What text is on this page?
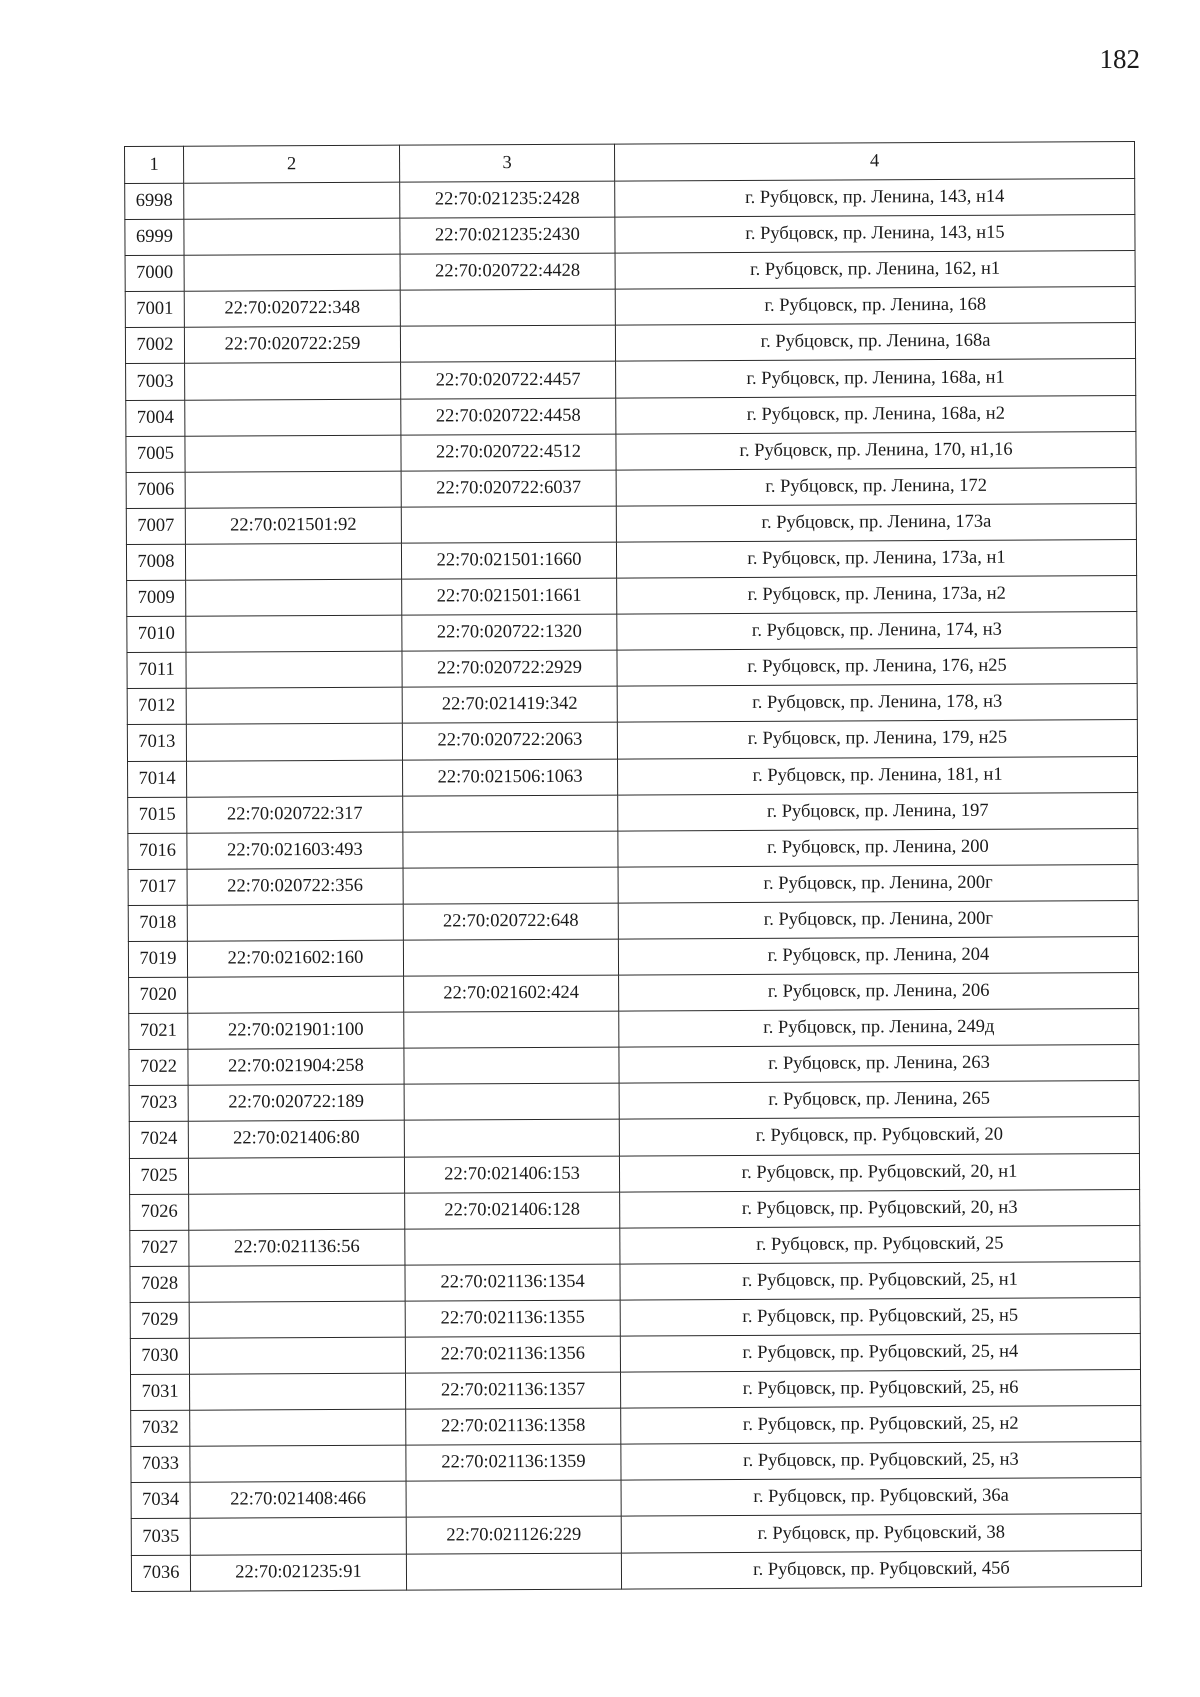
182
1	2	3	4
6998		22:70:021235:2428	г. Рубцовск, пр. Ленина, 143, н14
6999		22:70:021235:2430	г. Рубцовск, пр. Ленина, 143, н15
7000		22:70:020722:4428	г. Рубцовск, пр. Ленина, 162, н1
7001	22:70:020722:348		г. Рубцовск, пр. Ленина, 168
7002	22:70:020722:259		г. Рубцовск, пр. Ленина, 168а
7003		22:70:020722:4457	г. Рубцовск, пр. Ленина, 168а, н1
7004		22:70:020722:4458	г. Рубцовск, пр. Ленина, 168а, н2
7005		22:70:020722:4512	г. Рубцовск, пр. Ленина, 170, н1,16
7006		22:70:020722:6037	г. Рубцовск, пр. Ленина, 172
7007	22:70:021501:92		г. Рубцовск, пр. Ленина, 173а
7008		22:70:021501:1660	г. Рубцовск, пр. Ленина, 173а, н1
7009		22:70:021501:1661	г. Рубцовск, пр. Ленина, 173а, н2
7010		22:70:020722:1320	г. Рубцовск, пр. Ленина, 174, н3
7011		22:70:020722:2929	г. Рубцовск, пр. Ленина, 176, н25
7012		22:70:021419:342	г. Рубцовск, пр. Ленина, 178, н3
7013		22:70:020722:2063	г. Рубцовск, пр. Ленина, 179, н25
7014		22:70:021506:1063	г. Рубцовск, пр. Ленина, 181, н1
7015	22:70:020722:317		г. Рубцовск, пр. Ленина, 197
7016	22:70:021603:493		г. Рубцовск, пр. Ленина, 200
7017	22:70:020722:356		г. Рубцовск, пр. Ленина, 200г
7018		22:70:020722:648	г. Рубцовск, пр. Ленина, 200г
7019	22:70:021602:160		г. Рубцовск, пр. Ленина, 204
7020		22:70:021602:424	г. Рубцовск, пр. Ленина, 206
7021	22:70:021901:100		г. Рубцовск, пр. Ленина, 249д
7022	22:70:021904:258		г. Рубцовск, пр. Ленина, 263
7023	22:70:020722:189		г. Рубцовск, пр. Ленина, 265
7024	22:70:021406:80		г. Рубцовск, пр. Рубцовский, 20
7025		22:70:021406:153	г. Рубцовск, пр. Рубцовский, 20, н1
7026		22:70:021406:128	г. Рубцовск, пр. Рубцовский, 20, н3
7027	22:70:021136:56		г. Рубцовск, пр. Рубцовский, 25
7028		22:70:021136:1354	г. Рубцовск, пр. Рубцовский, 25, н1
7029		22:70:021136:1355	г. Рубцовск, пр. Рубцовский, 25, н5
7030		22:70:021136:1356	г. Рубцовск, пр. Рубцовский, 25, н4
7031		22:70:021136:1357	г. Рубцовск, пр. Рубцовский, 25, н6
7032		22:70:021136:1358	г. Рубцовск, пр. Рубцовский, 25, н2
7033		22:70:021136:1359	г. Рубцовск, пр. Рубцовский, 25, н3
7034	22:70:021408:466		г. Рубцовск, пр. Рубцовский, 36а
7035		22:70:021126:229	г. Рубцовск, пр. Рубцовский, 38
7036	22:70:021235:91		г. Рубцовск, пр. Рубцовский, 45б
